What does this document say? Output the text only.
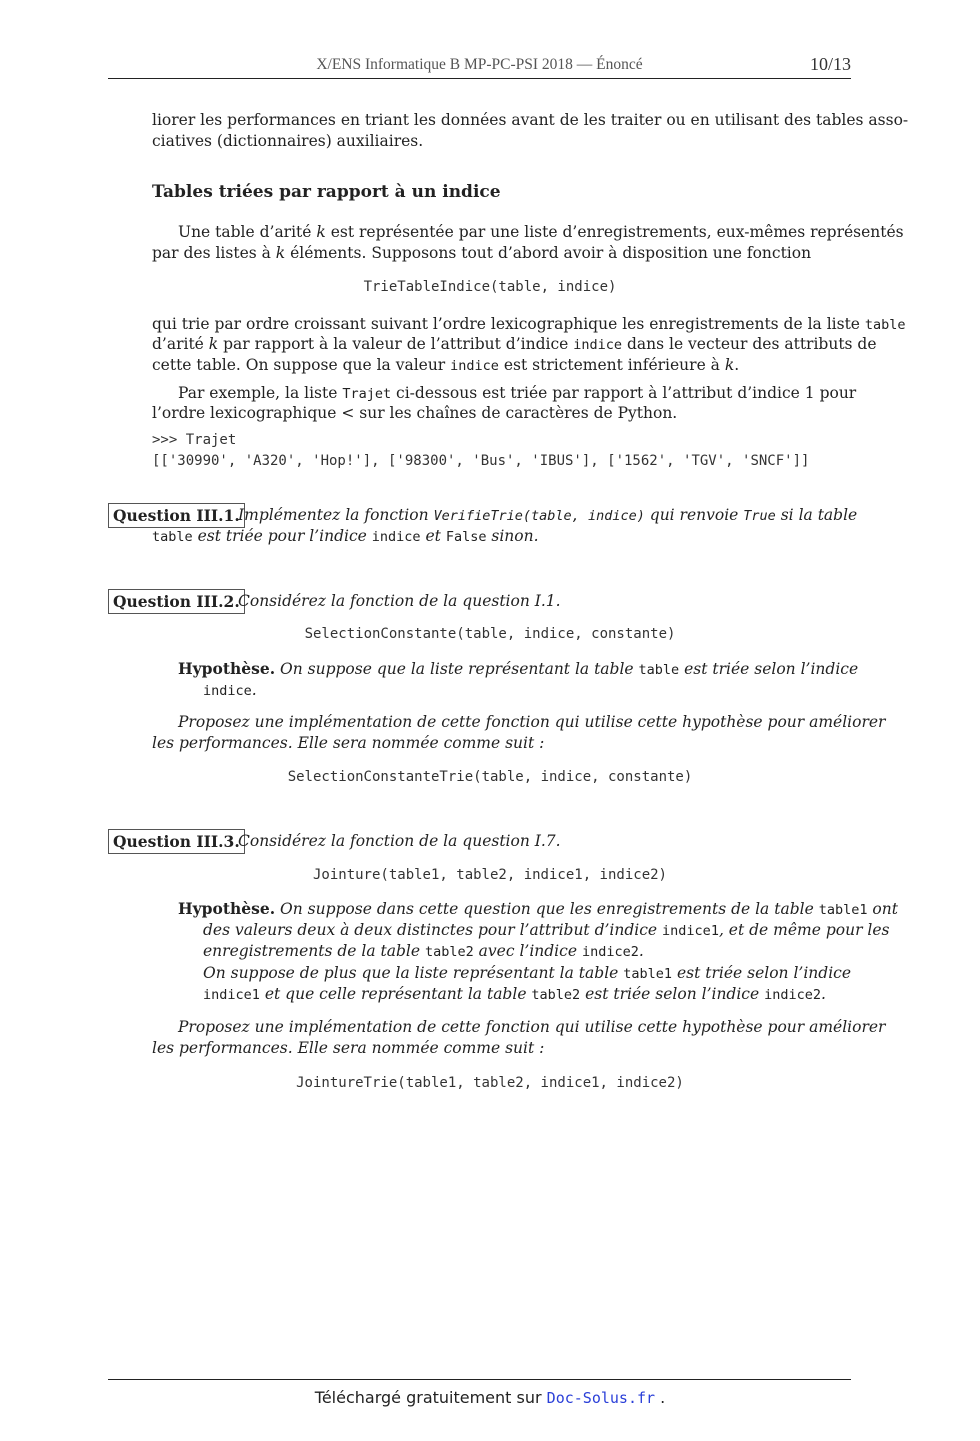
X/ENS Informatique B MP-PC-PSI 2018 — Énoncé	10/13
liorer les performances en triant les données avant de les traiter ou en utilisant des tables asso-
ciatives (dictionnaires) auxiliaires.
Tables triées par rapport à un indice
Une table d’arité k est représentée par une liste d’enregistrements, eux-mêmes représentés
par des listes à k éléments. Supposons tout d’abord avoir à disposition une fonction
TrieTableIndice(table, indice)
qui trie par ordre croissant suivant l’ordre lexicographique les enregistrements de la liste table
d’arité k par rapport à la valeur de l’attribut d’indice indice dans le vecteur des attributs de
cette table. On suppose que la valeur indice est strictement inférieure à k.
Par exemple, la liste Trajet ci-dessous est triée par rapport à l’attribut d’indice 1 pour
l’ordre lexicographique < sur les chaînes de caractères de Python.
>>> Trajet
[['30990', 'A320', 'Hop!'], ['98300', 'Bus', 'IBUS'], ['1562', 'TGV', 'SNCF']]
Question III.1.
Implémentez la fonction VerifieTrie(table, indice) qui renvoie True si la table
table est triée pour l’indice indice et False sinon.
Question III.2.
Considérez la fonction de la question I.1.
SelectionConstante(table, indice, constante)
Hypothèse. On suppose que la liste représentant la table table est triée selon l’indice
indice.
Proposez une implémentation de cette fonction qui utilise cette hypothèse pour améliorer
les performances. Elle sera nommée comme suit :
SelectionConstanteTrie(table, indice, constante)
Question III.3.
Considérez la fonction de la question I.7.
Jointure(table1, table2, indice1, indice2)
Hypothèse. On suppose dans cette question que les enregistrements de la table table1 ont
des valeurs deux à deux distinctes pour l’attribut d’indice indice1, et de même pour les
enregistrements de la table table2 avec l’indice indice2.
On suppose de plus que la liste représentant la table table1 est triée selon l’indice
indice1 et que celle représentant la table table2 est triée selon l’indice indice2.
Proposez une implémentation de cette fonction qui utilise cette hypothèse pour améliorer
les performances. Elle sera nommée comme suit :
JointureTrie(table1, table2, indice1, indice2)
Téléchargé gratuitement sur Doc-Solus.fr .
